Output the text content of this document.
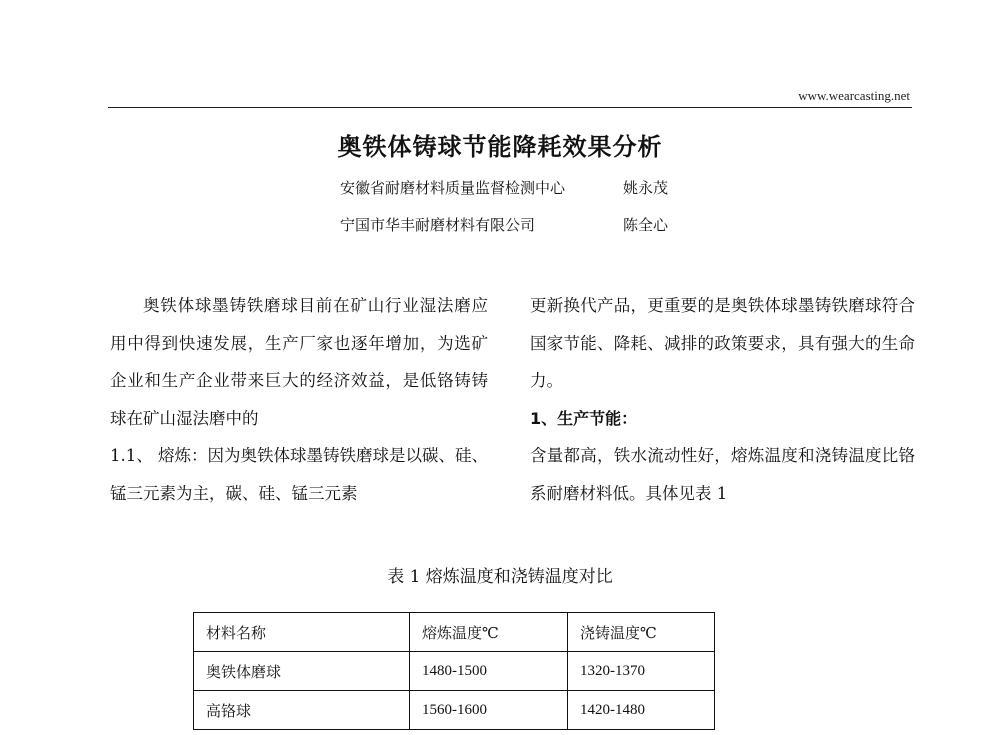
www.wearcasting.net
奥铁体铸球节能降耗效果分析
安徽省耐磨材料质量监督检测中心	姚永茂
宁国市华丰耐磨材料有限公司	陈全心

奥铁体球墨铸铁磨球目前在矿山行业湿法磨应用中得到快速发展，生产厂家也逐年增加，为选矿企业和生产企业带来巨大的经济效益，是低铬铸铸球在矿山湿法磨中的

1.1、 熔炼：因为奥铁体球墨铸铁磨球是以碳、硅、锰三元素为主，碳、硅、锰三元素

更新换代产品，更重要的是奥铁体球墨铸铁磨球符合国家节能、降耗、减排的政策要求，具有强大的生命力。

1、生产节能：

含量都高，铁水流动性好，熔炼温度和浇铸温度比铬系耐磨材料低。具体见表 1

表 1 熔炼温度和浇铸温度对比
材料名称	熔炼温度℃	浇铸温度℃
奥铁体磨球	1480-1500	1320-1370
高铬球	1560-1600	1420-1480
